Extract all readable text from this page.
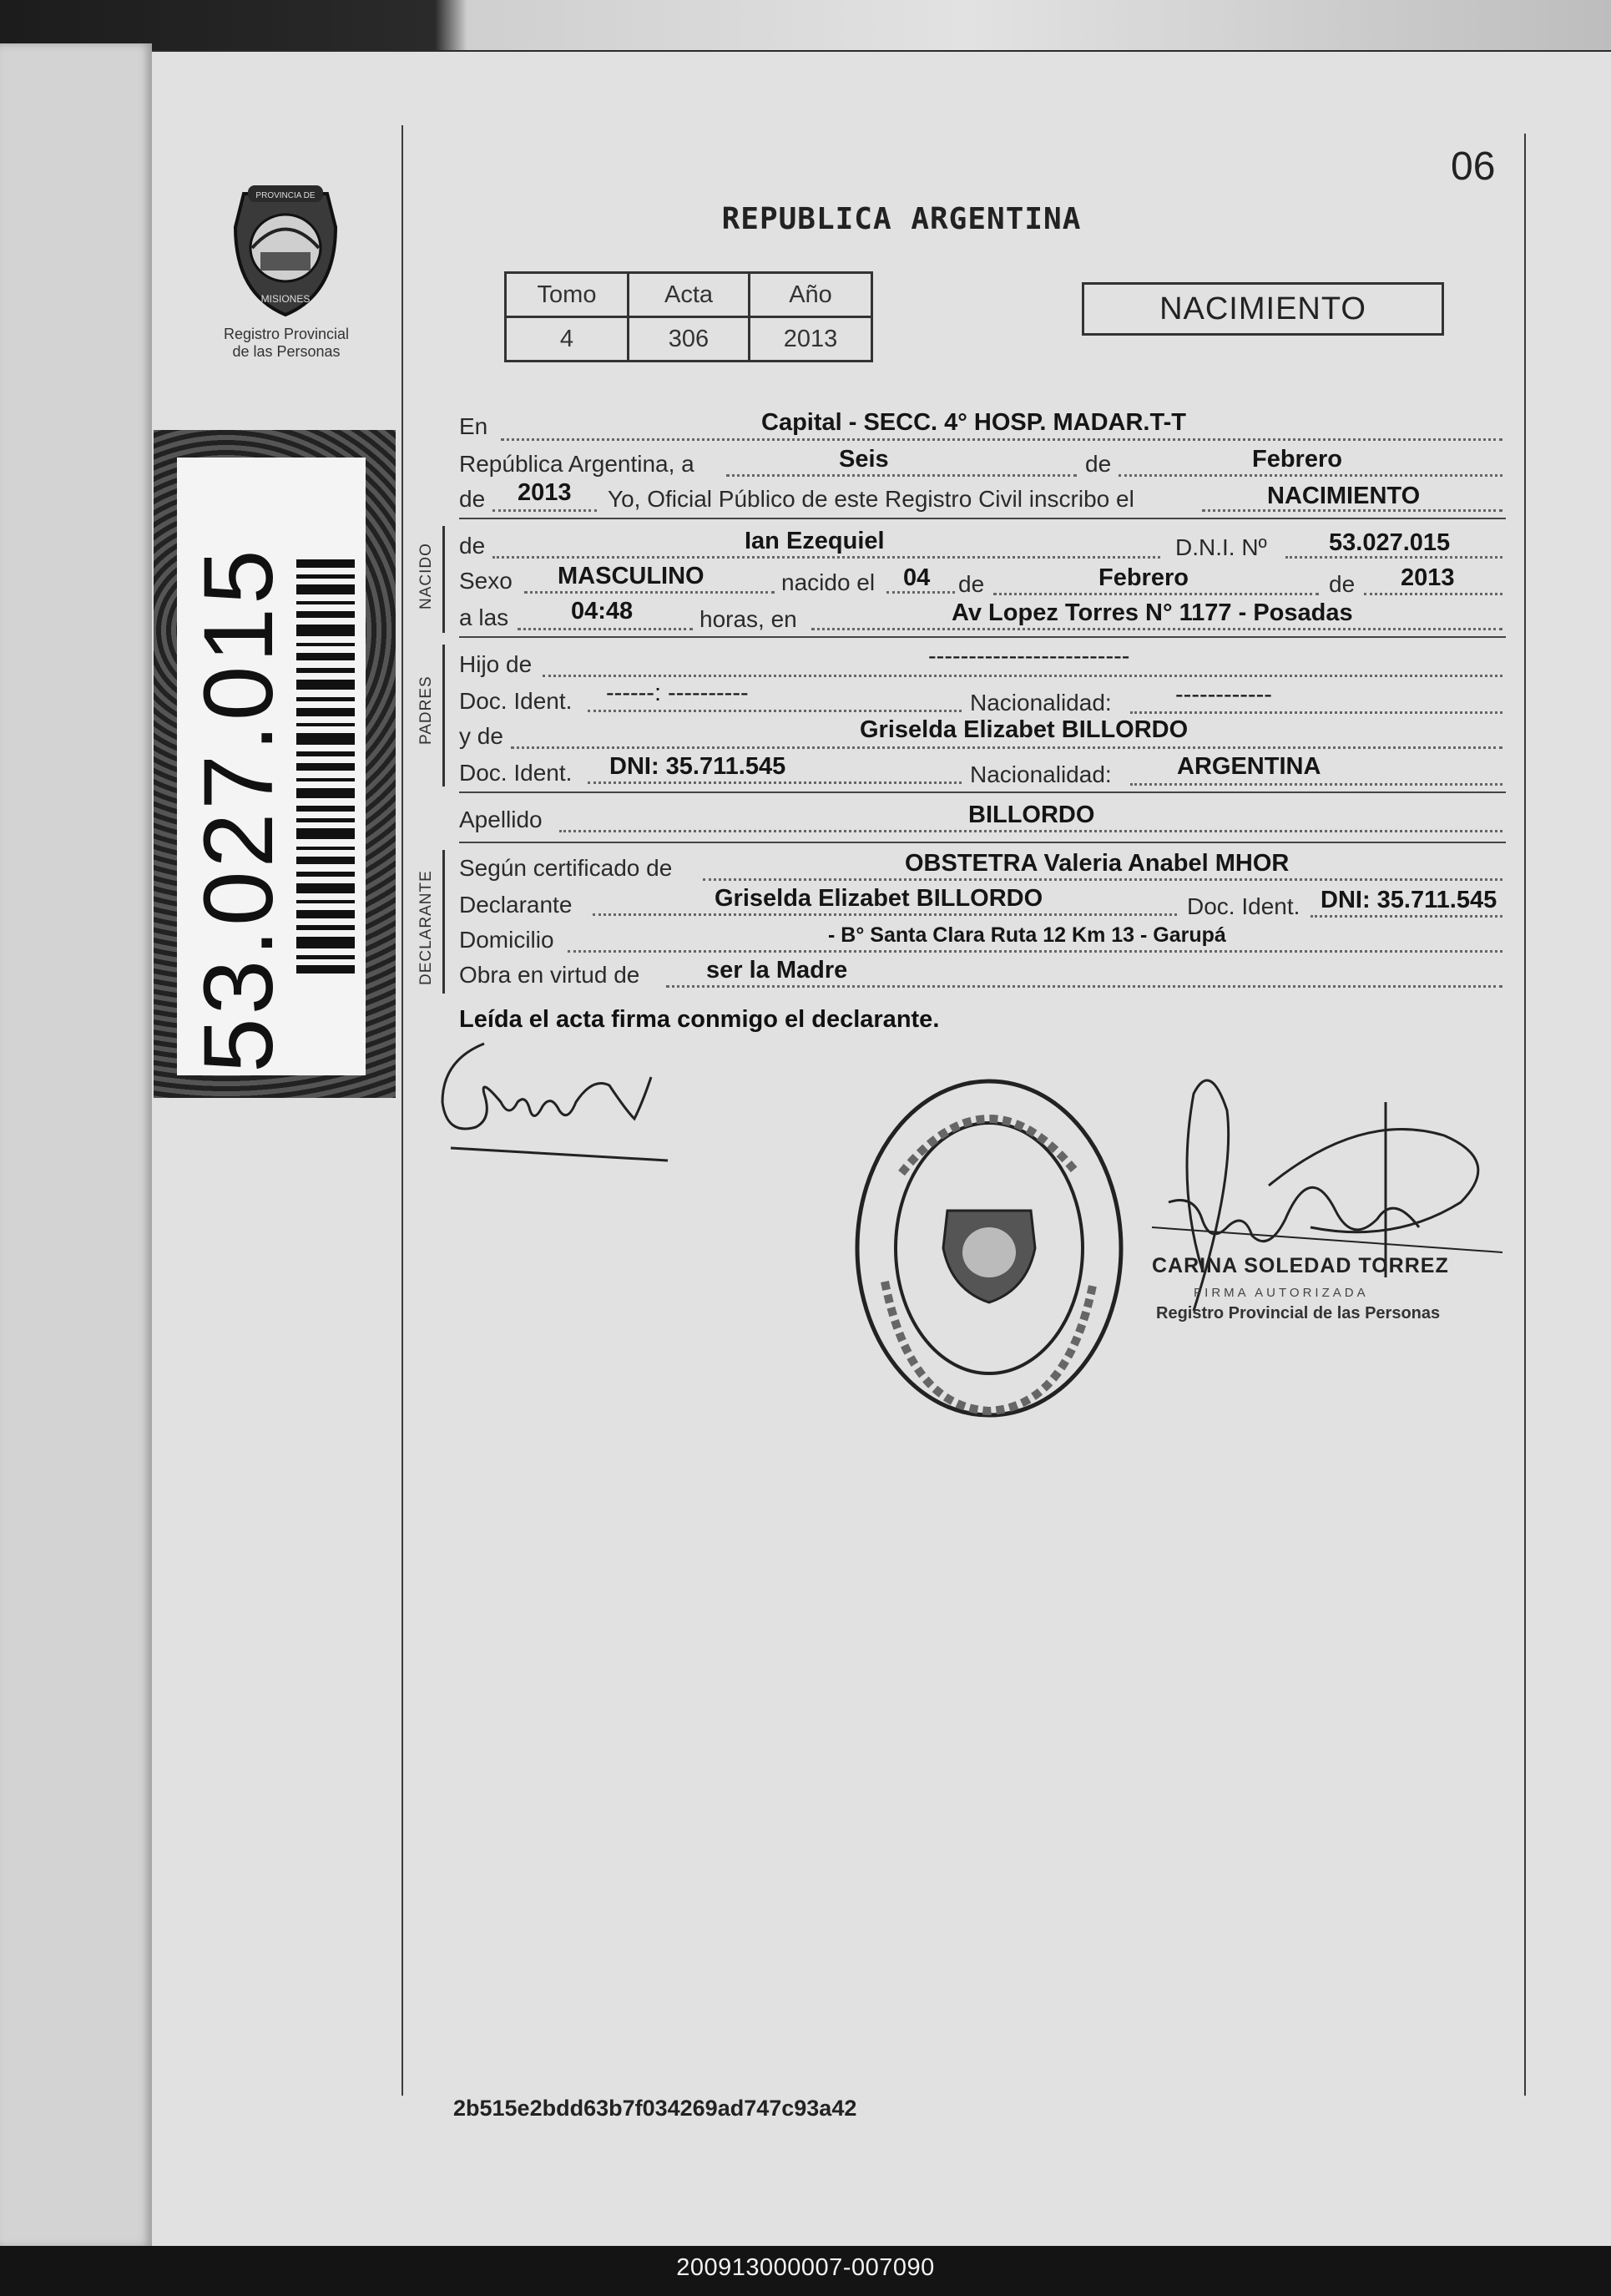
PROVINCIA DE
MISIONES
Registro Provincial
de las Personas
53.027.015
06
REPUBLICA ARGENTINA
Tomo	Acta	Año
4	306	2013
NACIMIENTO
En	Capital - SECC. 4° HOSP. MADAR.T-T
República Argentina, a	Seis	de	Febrero
de 2013 Yo, Oficial Público de este Registro Civil inscribo el	NACIMIENTO
NACIDO de	Ian Ezequiel	D.N.I. Nº	53.027.015
Sexo MASCULINO	nacido el 04 de	Febrero	de 2013
a las	04:48	horas, en	Av Lopez Torres N° 1177 - Posadas
PADRES
Hijo de	-------------------------
Doc. Ident. ------: ----------	Nacionalidad:	------------
y de	Griselda Elizabet BILLORDO
Doc. Ident. DNI: 35.711.545	Nacionalidad:	ARGENTINA
Apellido	BILLORDO
DECLARANTE
Según certificado de	OBSTETRA Valeria Anabel MHOR
Declarante	Griselda Elizabet BILLORDO	Doc. Ident. DNI: 35.711.545
Domicilio	- B° Santa Clara Ruta 12 Km 13 - Garupá
Obra en virtud de	ser la Madre
Leída el acta firma conmigo el declarante.
CARINA SOLEDAD TORREZ
FIRMA AUTORIZADA
Registro Provincial de las Personas
2b515e2bdd63b7f034269ad747c93a42
200913000007-007090
